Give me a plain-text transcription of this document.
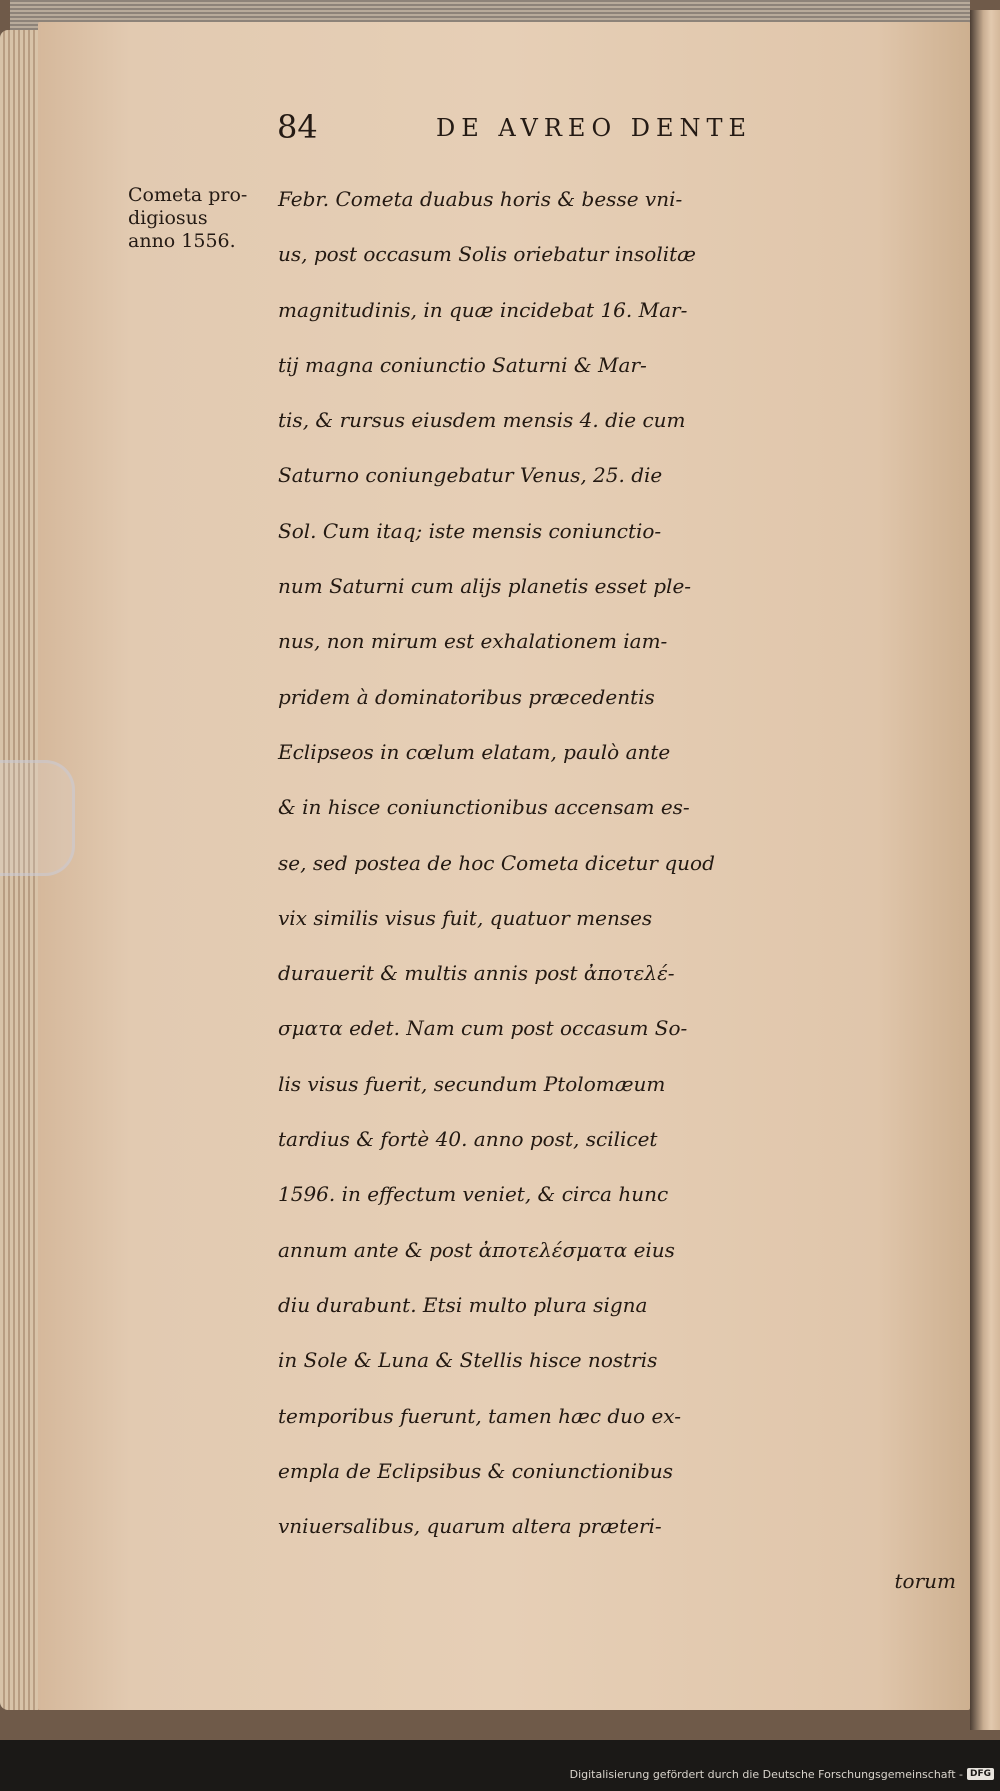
84	DE AVREO DENTE
Cometa pro-
digiosus
anno 1556.
Febr. Cometa duabus horis & besse vni-
us, post occasum Solis oriebatur insolitæ
magnitudinis, in quæ incidebat 16. Mar-
tij magna coniunctio Saturni & Mar-
tis, & rursus eiusdem mensis 4. die cum
Saturno coniungebatur Venus, 25. die
Sol. Cum itaq; iste mensis coniunctio-
num Saturni cum alijs planetis esset ple-
nus, non mirum est exhalationem iam-
pridem à dominatoribus præcedentis
Eclipseos in cœlum elatam, paulò ante
& in hisce coniunctionibus accensam es-
se, sed postea de hoc Cometa dicetur quod
vix similis visus fuit, quatuor menses
durauerit & multis annis post ἀποτελέ-
σματα edet. Nam cum post occasum So-
lis visus fuerit, secundum Ptolomæum
tardius & fortè 40. anno post, scilicet
1596. in effectum veniet, & circa hunc
annum ante & post ἀποτελέσματα eius
diu durabunt. Etsi multo plura signa
in Sole & Luna & Stellis hisce nostris
temporibus fuerunt, tamen hæc duo ex-
empla de Eclipsibus & coniunctionibus
vniuersalibus, quarum altera præteri-
torum
Digitalisierung gefördert durch die Deutsche Forschungsgemeinschaft - DFG
